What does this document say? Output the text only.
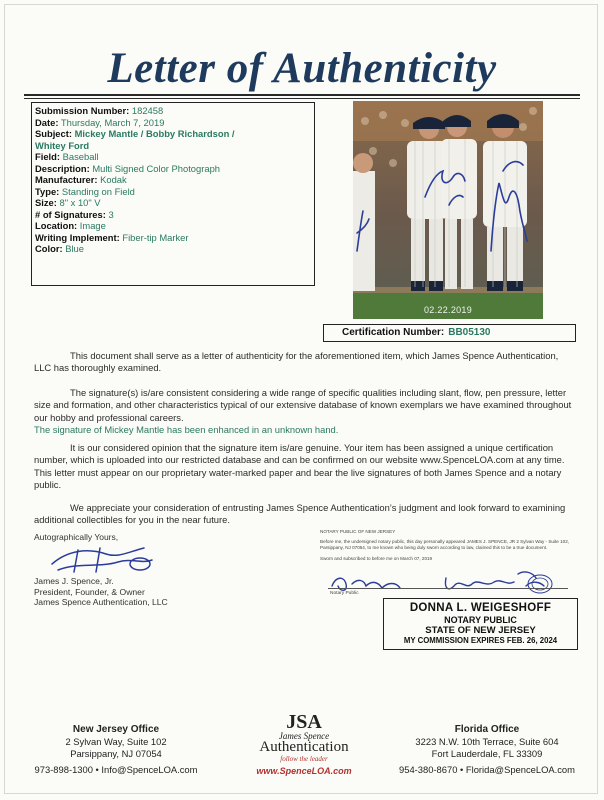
Letter of Authenticity
Submission Number: 182458
Date: Thursday, March 7, 2019
Subject: Mickey Mantle / Bobby Richardson /
Whitey Ford
Field: Baseball
Description: Multi Signed Color Photograph
Manufacturer: Kodak
Type: Standing on Field
Size: 8" x 10" V
# of Signatures: 3
Location: Image
Writing Implement: Fiber-tip Marker
Color: Blue
02.22.2019
Certification Number: BB05130
This document shall serve as a letter of authenticity for the aforementioned item, which James Spence Authentication, LLC has thoroughly examined.
The signature(s) is/are consistent considering a wide range of specific qualities including slant, flow, pen pressure, letter size and formation, and other characteristics typical of our extensive database of known exemplars we have examined throughout our hobby and professional careers.
The signature of Mickey Mantle has been enhanced in an unknown hand.
It is our considered opinion that the signature item is/are genuine. Your item has been assigned a unique certification number, which is uploaded into our restricted database and can be confirmed on our website www.SpenceLOA.com at any time. This letter must appear on our proprietary water-marked paper and bear the live signatures of both James Spence and a notary public.
We appreciate your consideration of entrusting James Spence Authentication’s judgment and look forward to examining additional collectibles for you in the near future.
Autographically Yours,
James J. Spence, Jr.
President, Founder, & Owner
James Spence Authentication, LLC
NOTARY PUBLIC OF NEW JERSEY
Before me, the undersigned notary public, this day personally appeared JAMES J. SPENCE, JR 2 Sylvan Way - Suite 102, Parsippany, NJ 07054, to me known who being duly sworn according to law, claimed this to be a true document.
Sworn and subscribed to before me on March 07, 2019
Notary Public
DONNA L. WEIGESHOFF
NOTARY PUBLIC
STATE OF NEW JERSEY
MY COMMISSION EXPIRES FEB. 26, 2024
New Jersey Office
2 Sylvan Way, Suite 102
Parsippany, NJ 07054
973-898-1300 • Info@SpenceLOA.com
JSA
James Spence
Authentication
follow the leader
www.SpenceLOA.com
Florida Office
3223 N.W. 10th Terrace, Suite 604
Fort Lauderdale, FL 33309
954-380-8670 • Florida@SpenceLOA.com
